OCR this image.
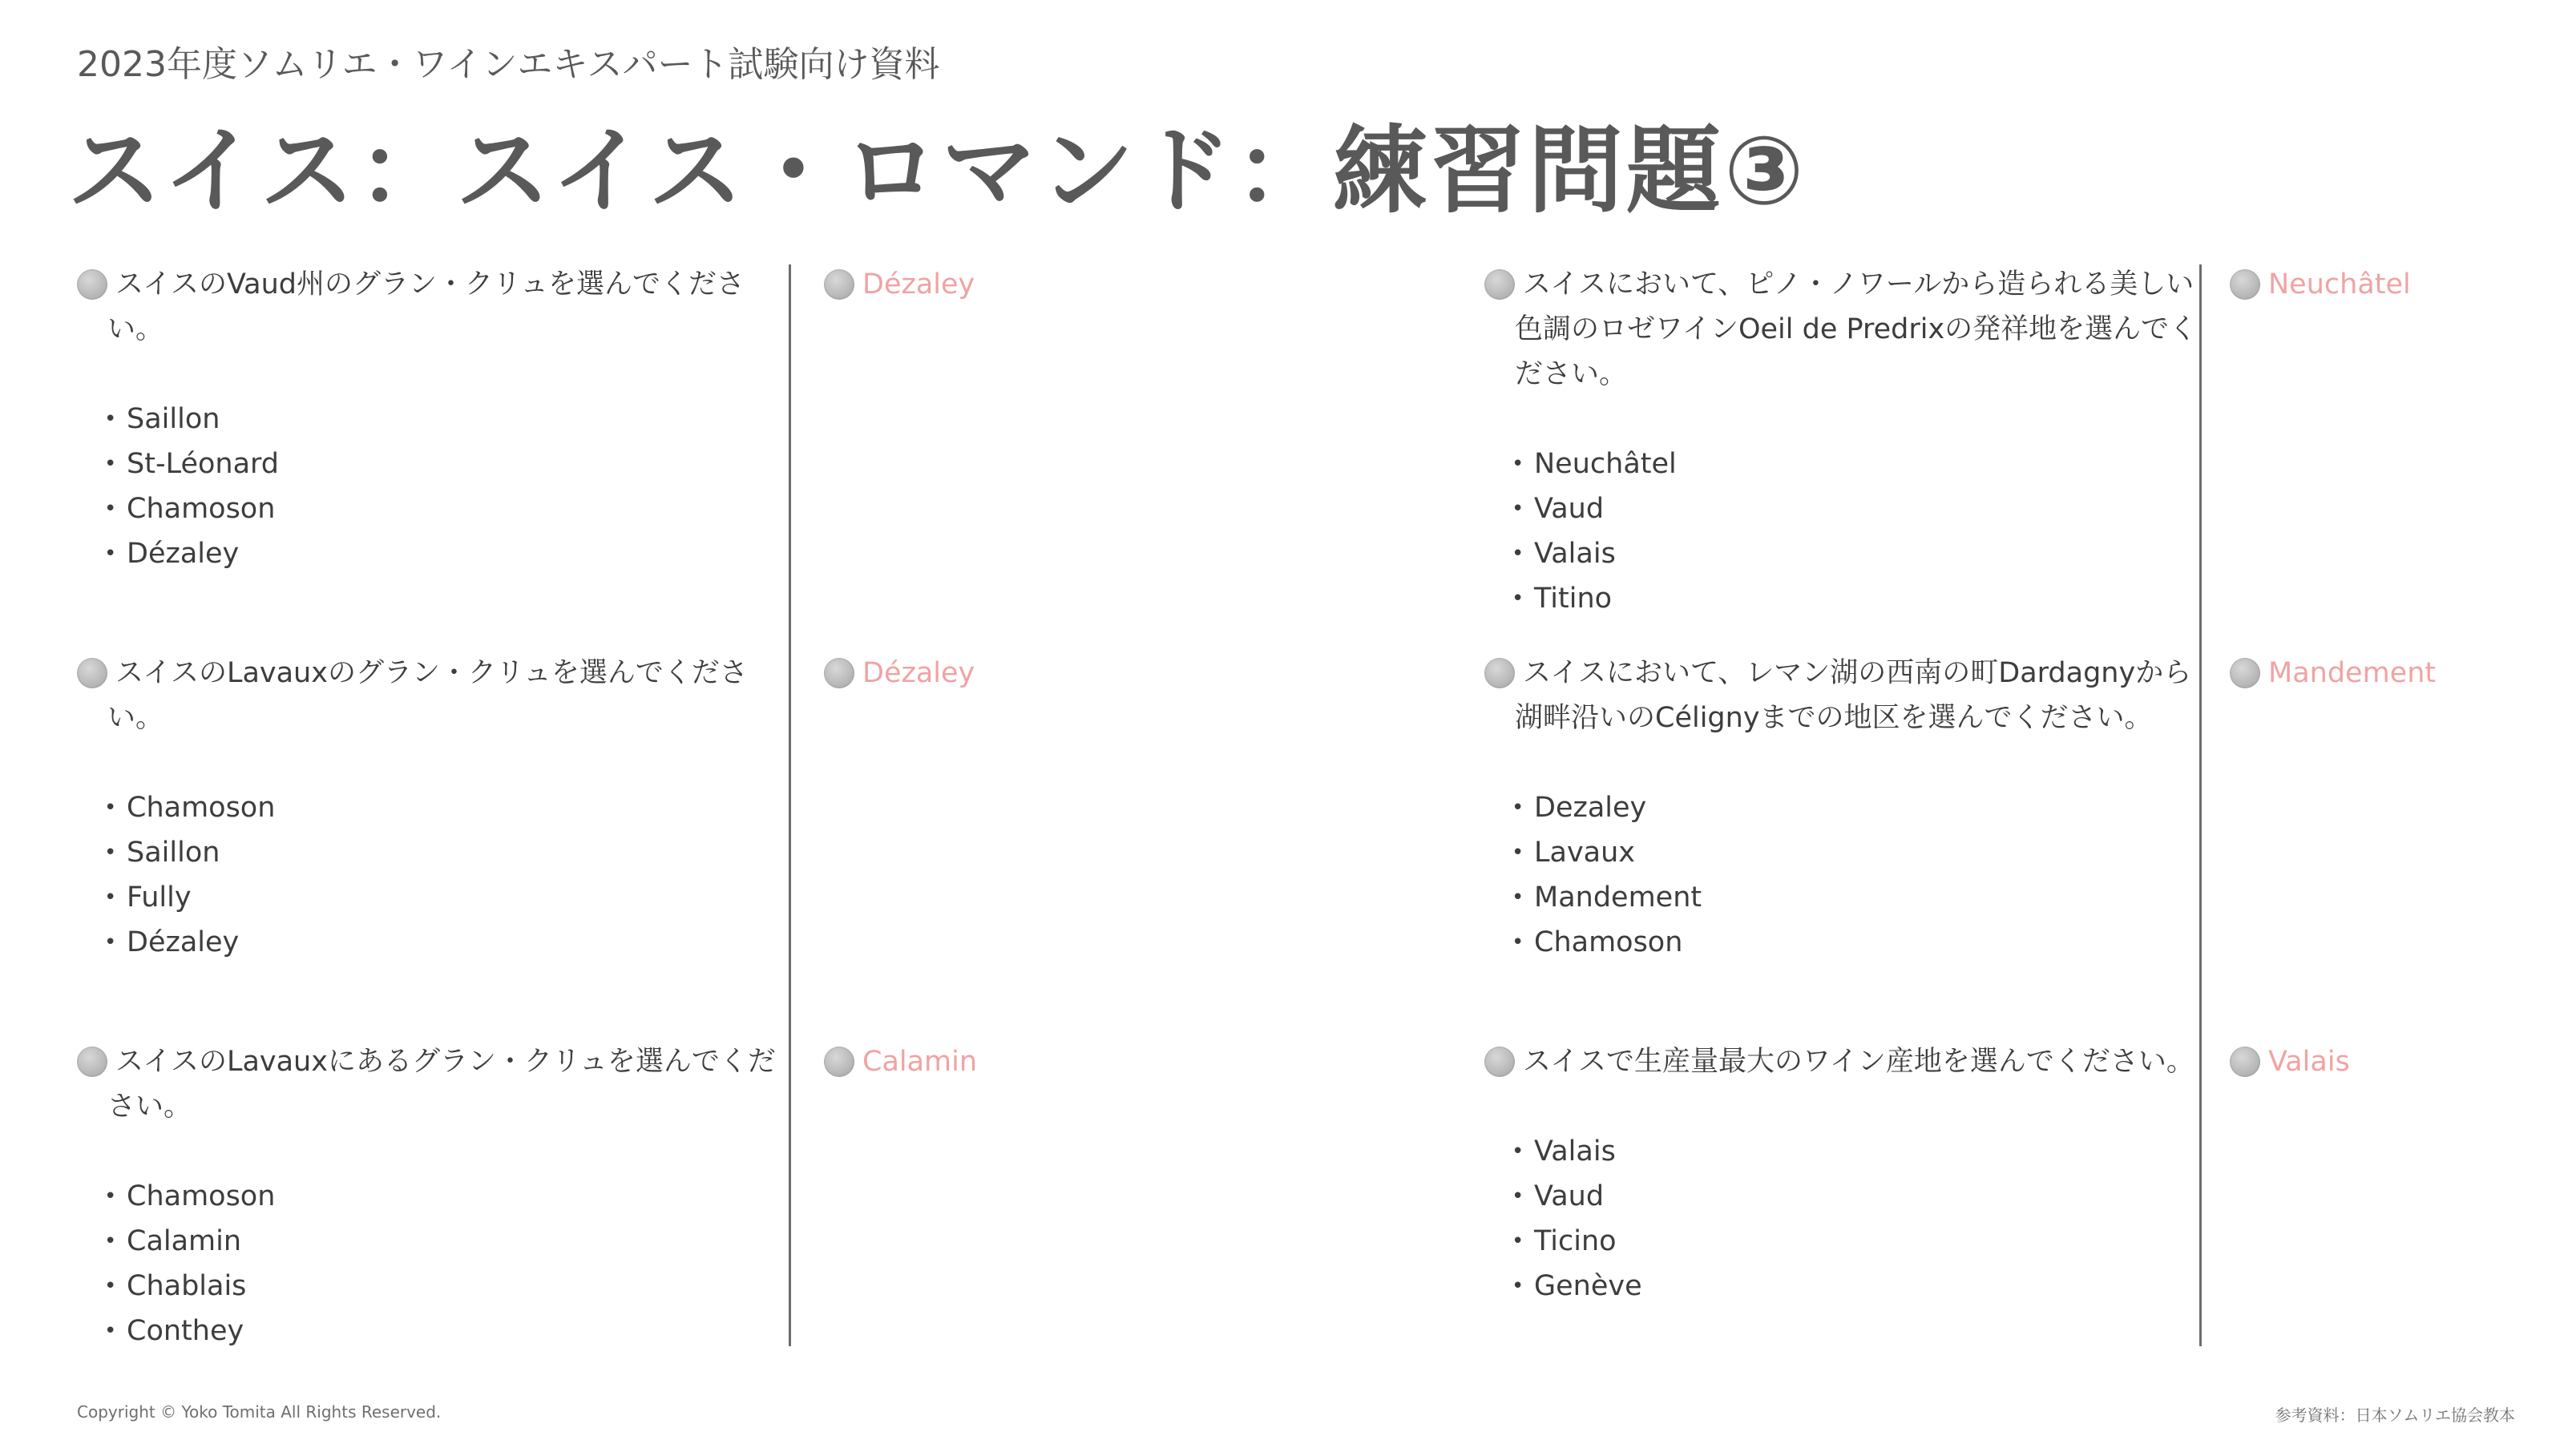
2023年度ソムリエ・ワインエキスパート試験向け資料
スイス：スイス・ロマンド：練習問題③
スイスのVaud州のグラン・クリュを選んでくださ
い。
• Saillon
• St-Léonard
• Chamoson
• Dézaley
Dézaley
スイスのLavauxのグラン・クリュを選んでくださ
い。
• Chamoson
• Saillon
• Fully
• Dézaley
Dézaley
スイスのLavauxにあるグラン・クリュを選んでくだ
さい。
• Chamoson
• Calamin
• Chablais
• Conthey
Calamin
スイスにおいて、ピノ・ノワールから造られる美しい
色調のロゼワインOeil de Predrixの発祥地を選んでく
ださい。
• Neuchâtel
• Vaud
• Valais
• Titino
Neuchâtel
スイスにおいて、レマン湖の西南の町Dardagnyから
湖畔沿いのCélignyまでの地区を選んでください。
• Dezaley
• Lavaux
• Mandement
• Chamoson
Mandement
スイスで生産量最大のワイン産地を選んでください。
• Valais
• Vaud
• Ticino
• Genève
Valais
Copyright © Yoko Tomita All Rights Reserved.	参考資料：日本ソムリエ協会教本
